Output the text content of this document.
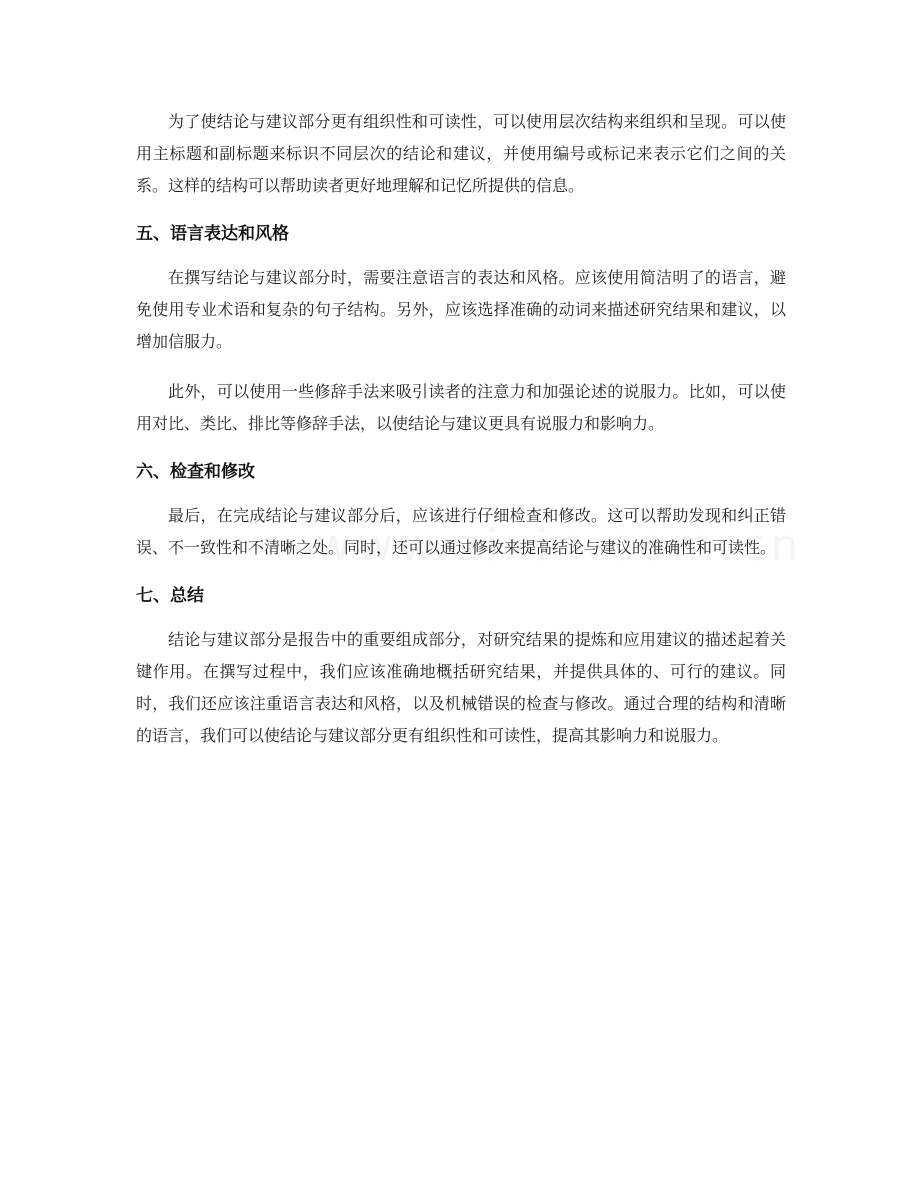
为了使结论与建议部分更有组织性和可读性，可以使用层次结构来组织和呈现。可以使用主标题和副标题来标识不同层次的结论和建议，并使用编号或标记来表示它们之间的关系。这样的结构可以帮助读者更好地理解和记忆所提供的信息。

五、语言表达和风格

在撰写结论与建议部分时，需要注意语言的表达和风格。应该使用简洁明了的语言，避免使用专业术语和复杂的句子结构。另外，应该选择准确的动词来描述研究结果和建议，以增加信服力。

此外，可以使用一些修辞手法来吸引读者的注意力和加强论述的说服力。比如，可以使用对比、类比、排比等修辞手法，以使结论与建议更具有说服力和影响力。

六、检查和修改

最后，在完成结论与建议部分后，应该进行仔细检查和修改。这可以帮助发现和纠正错误、不一致性和不清晰之处。同时，还可以通过修改来提高结论与建议的准确性和可读性。

七、总结

结论与建议部分是报告中的重要组成部分，对研究结果的提炼和应用建议的描述起着关键作用。在撰写过程中，我们应该准确地概括研究结果，并提供具体的、可行的建议。同时，我们还应该注重语言表达和风格，以及机械错误的检查与修改。通过合理的结构和清晰的语言，我们可以使结论与建议部分更有组织性和可读性，提高其影响力和说服力。
